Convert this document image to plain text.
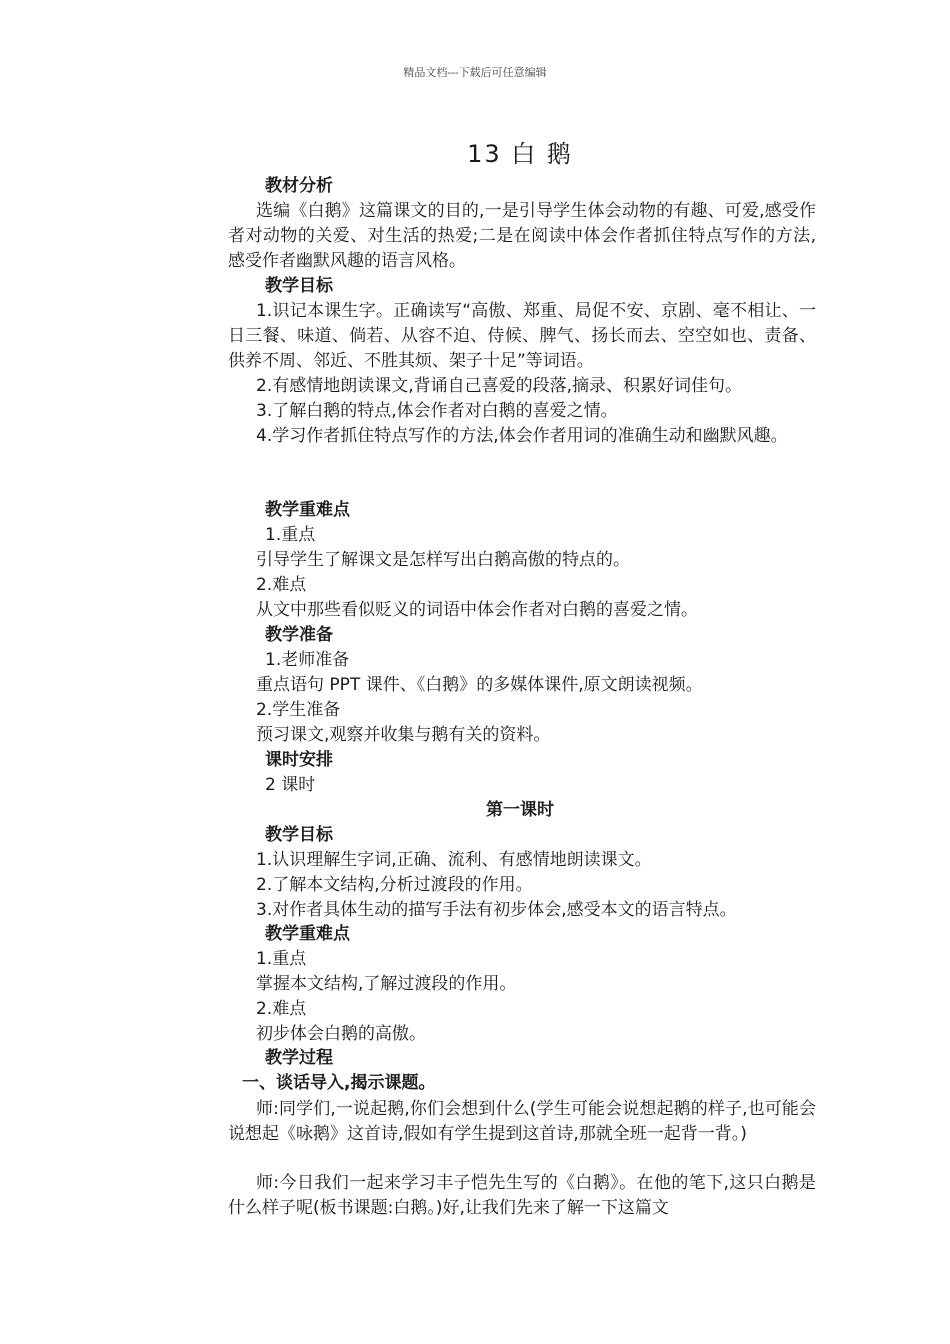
精品文档---下载后可任意编辑
13 白 鹅
教材分析

选编《白鹅》这篇课文的目的,一是引导学生体会动物的有趣、可爱,感受作者对动物的关爱、对生活的热爱;二是在阅读中体会作者抓住特点写作的方法,感受作者幽默风趣的语言风格。

教学目标

1.识记本课生字。正确读写“高傲、郑重、局促不安、京剧、毫不相让、一日三餐、味道、倘若、从容不迫、侍候、脾气、扬长而去、空空如也、责备、供养不周、邻近、不胜其烦、架子十足”等词语。

2.有感情地朗读课文,背诵自己喜爱的段落,摘录、积累好词佳句。

3.了解白鹅的特点,体会作者对白鹅的喜爱之情。

4.学习作者抓住特点写作的方法,体会作者用词的准确生动和幽默风趣。

教学重难点
1.重点
引导学生了解课文是怎样写出白鹅高傲的特点的。
2.难点
从文中那些看似贬义的词语中体会作者对白鹅的喜爱之情。
教学准备
1.老师准备
重点语句 PPT 课件、《白鹅》的多媒体课件,原文朗读视频。
2.学生准备
预习课文,观察并收集与鹅有关的资料。
课时安排
2 课时
第一课时
教学目标
1.认识理解生字词,正确、流利、有感情地朗读课文。
2.了解本文结构,分析过渡段的作用。
3.对作者具体生动的描写手法有初步体会,感受本文的语言特点。
教学重难点
1.重点
掌握本文结构,了解过渡段的作用。
2.难点
初步体会白鹅的高傲。
教学过程
一、谈话导入,揭示课题。

师:同学们,一说起鹅,你们会想到什么(学生可能会说想起鹅的样子,也可能会说想起《咏鹅》这首诗,假如有学生提到这首诗,那就全班一起背一背。)

师:今日我们一起来学习丰子恺先生写的《白鹅》。在他的笔下,这只白鹅是什么样子呢(板书课题:白鹅。)好,让我们先来了解一下这篇文
